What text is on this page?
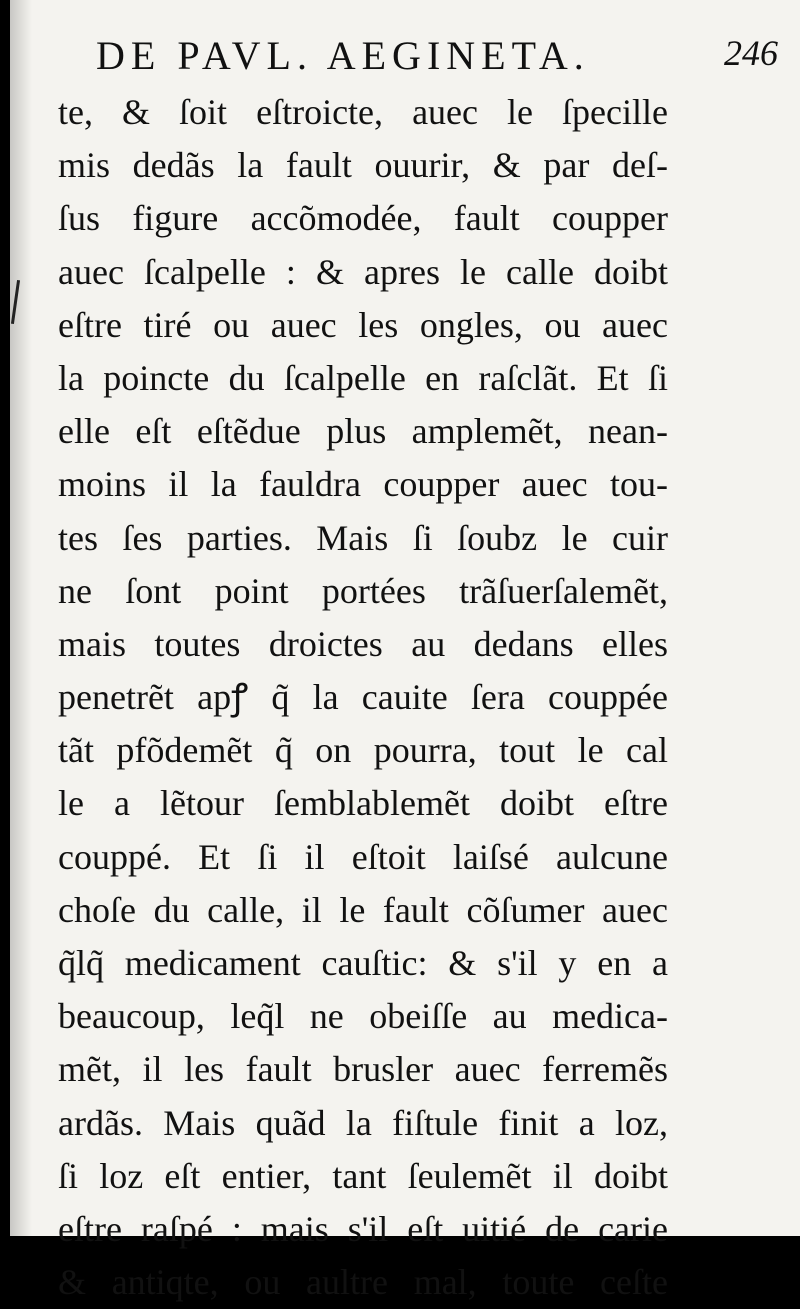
DE PAVL. AEGINETA.	246
te, & ſoit eſtroicte, auec le ſpecille
mis dedãs la fault ouurir, & par deſ-
ſus figure accõmodée, fault coupper
auec ſcalpelle : & apres le calle doibt
eſtre tiré ou auec les ongles, ou auec
la poincte du ſcalpelle en raſclãt. Et ſi
elle eſt eſtẽdue plus amplemẽt, nean-
moins il la fauldra coupper auec tou-
tes ſes parties. Mais ſi ſoubz le cuir
ne ſont point portées trãſuerſalemẽt,
mais toutes droictes au dedans elles
penetrẽt apꝭ q̃ la cauite ſera couppée
tãt pfõdemẽt q̃ on pourra, tout le cal
le a lẽtour ſemblablemẽt doibt eſtre
couppé. Et ſi il eſtoit laiſsé aulcune
choſe du calle, il le fault cõſumer auec
q̃lq̃ medicament cauſtic: & s'il y en a
beaucoup, leq̃l ne obeiſſe au medica-
mẽt, il les fault brusler auec ferremẽs
ardãs. Mais quãd la fiſtule finit a loz,
ſi loz eſt entier, tant ſeulemẽt il doibt
eſtre raſpé : mais s'il eſt uitié de carie
& antiqte, ou aultre mal, toute ceſte
